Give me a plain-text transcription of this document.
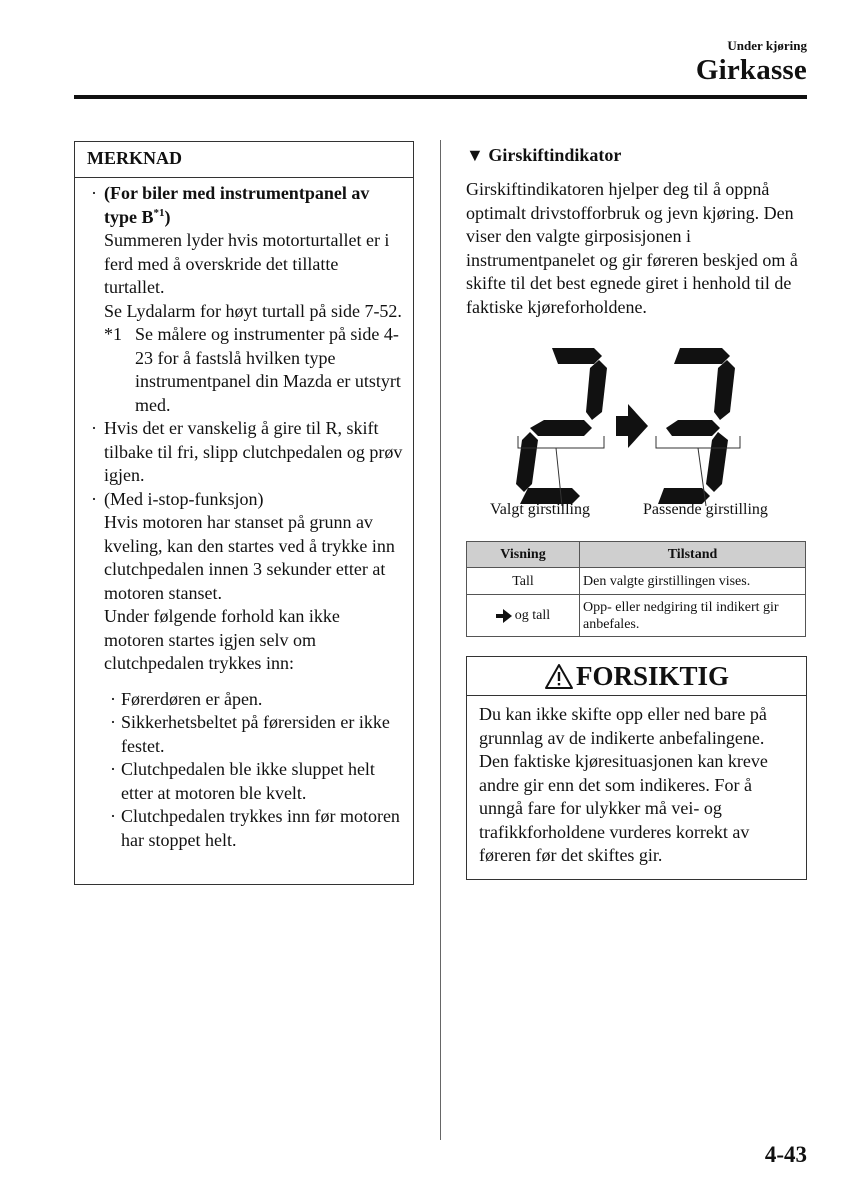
Under kjøring
Girkasse
MERKNAD
· (For biler med instrumentpanel av
type $B^{*1}$)
Summeren lyder hvis motorturtallet er i ferd med å overskride det tillatte turtallet.
Se Lydalarm for høyt turtall på side 7-52.
*1 Se målere og instrumenter på side 4-23 for å fastslå hvilken type instrumentpanel din Mazda er utstyrt med.
· Hvis det er vanskelig å gire til R, skift tilbake til fri, slipp clutchpedalen og prøv igjen.
· (Med i-stop-funksjon)
Hvis motoren har stanset på grunn av kveling, kan den startes ved å trykke inn clutchpedalen innen 3 sekunder etter at motoren stanset.
Under følgende forhold kan ikke motoren startes igjen selv om clutchpedalen trykkes inn:
· Førerdøren er åpen.
· Sikkerhetsbeltet på førersiden er ikke festet.
· Clutchpedalen ble ikke sluppet helt etter at motoren ble kvelt.
· Clutchpedalen trykkes inn før motoren har stoppet helt.
▼ Girskiftindikator
Girskiftindikatoren hjelper deg til å oppnå optimalt drivstofforbruk og jevn kjøring. Den viser den valgte girposisjonen i instrumentpanelet og gir føreren beskjed om å skifte til det best egnede giret i henhold til de faktiske kjøreforholdene.
Valgt girstilling	Passende girstilling
Visning	Tilstand
Tall	Den valgte girstillingen vises.
og tall	Opp- eller nedgiring til indikert gir anbefales.
FORSIKTIG
Du kan ikke skifte opp eller ned bare på grunnlag av de indikerte anbefalingene. Den faktiske kjøresituasjonen kan kreve andre gir enn det som indikeres. For å unngå fare for ulykker må vei- og trafikkforholdene vurderes korrekt av føreren før det skiftes gir.
4-43
